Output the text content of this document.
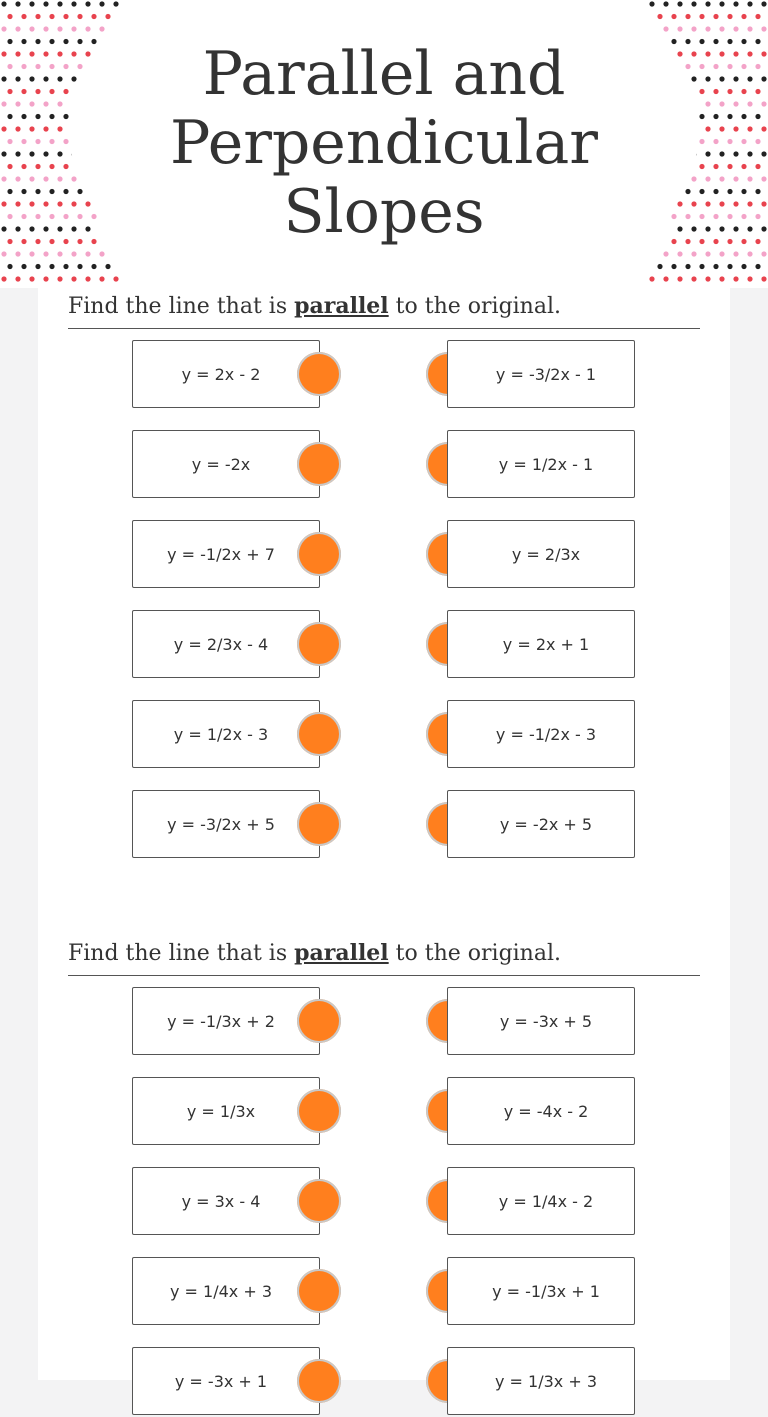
Parallel and Perpendicular Slopes
Find the line that is parallel to the original.
y = 2x - 2	y = -3/2x - 1
y = -2x	y = 1/2x - 1
y = -1/2x + 7	y = 2/3x
y = 2/3x - 4	y = 2x + 1
y = 1/2x - 3	y = -1/2x - 3
y = -3/2x + 5	y = -2x + 5
Find the line that is parallel to the original.
y = -1/3x + 2	y = -3x + 5
y = 1/3x	y = -4x - 2
y = 3x - 4	y = 1/4x - 2
y = 1/4x + 3	y = -1/3x + 1
y = -3x + 1	y = 1/3x + 3
